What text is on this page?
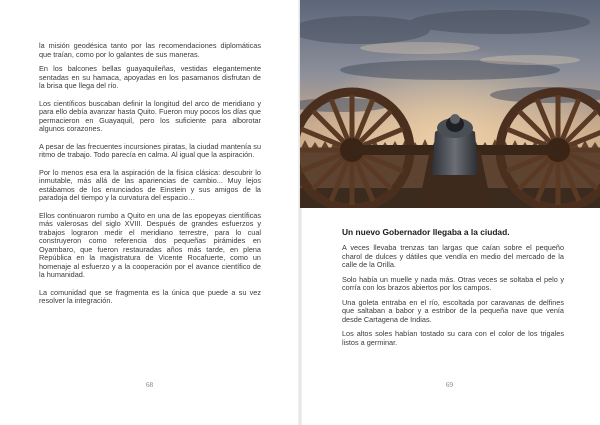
la misión geodésica tanto por las recomendaciones diplomáticas que traían, como por lo galantes de sus maneras.

En los balcones bellas guayaquileñas, vestidas elegantemente sentadas en su hamaca, apoyadas en los pasamanos disfrutan de la brisa que llega del río.

Los científicos buscaban definir la longitud del arco de meridiano y para ello debía avanzar hasta Quito. Fueron muy pocos los días que permacieron en Guayaquil, pero los suficiente para alborotar algunos corazones.

A pesar de las frecuentes incursiones piratas, la ciudad mantenía su ritmo de trabajo. Todo parecía en calma. Al igual que la aspiración.

Por lo menos esa era la aspiración de la física clásica: descubrir lo inmutable, más allá de las apariencias de cambio... Muy lejos estábamos de los enunciados de Einstein y sus amigos de la paradoja del tiempo y la curvatura del espacio…

Ellos continuaron rumbo a Quito en una de las epopeyas científicas más valerosas del siglo XVIII. Después de grandes esfuerzos y trabajos lograron medir el meridiano terrestre, para lo cual construyeron como referencia dos pequeñas pirámides en Oyambaro, que fueron restauradas años más tarde, en plena República en la magistratura de Vicente Rocafuerte, como un homenaje al esfuerzo y a la cooperación por el avance científico de la humanidad.

La comunidad que se fragmenta es la única que puede a su vez resolver la integración.

68
Un nuevo Gobernador llegaba a la ciudad.

A veces llevaba trenzas tan largas que caían sobre el pequeño charol de dulces y dátiles que vendía en medio del mercado de la calle de la Orilla.

Solo había un muelle y nada más. Otras veces se soltaba el pelo y corría con los brazos abiertos por los campos.

Una goleta entraba en el río, escoltada por caravanas de delfines que saltaban a babor y a estribor de la pequeña nave que venía desde Cartagena de Indias.

Los altos soles habían tostado su cara con el color de los trigales listos a germinar.

69
